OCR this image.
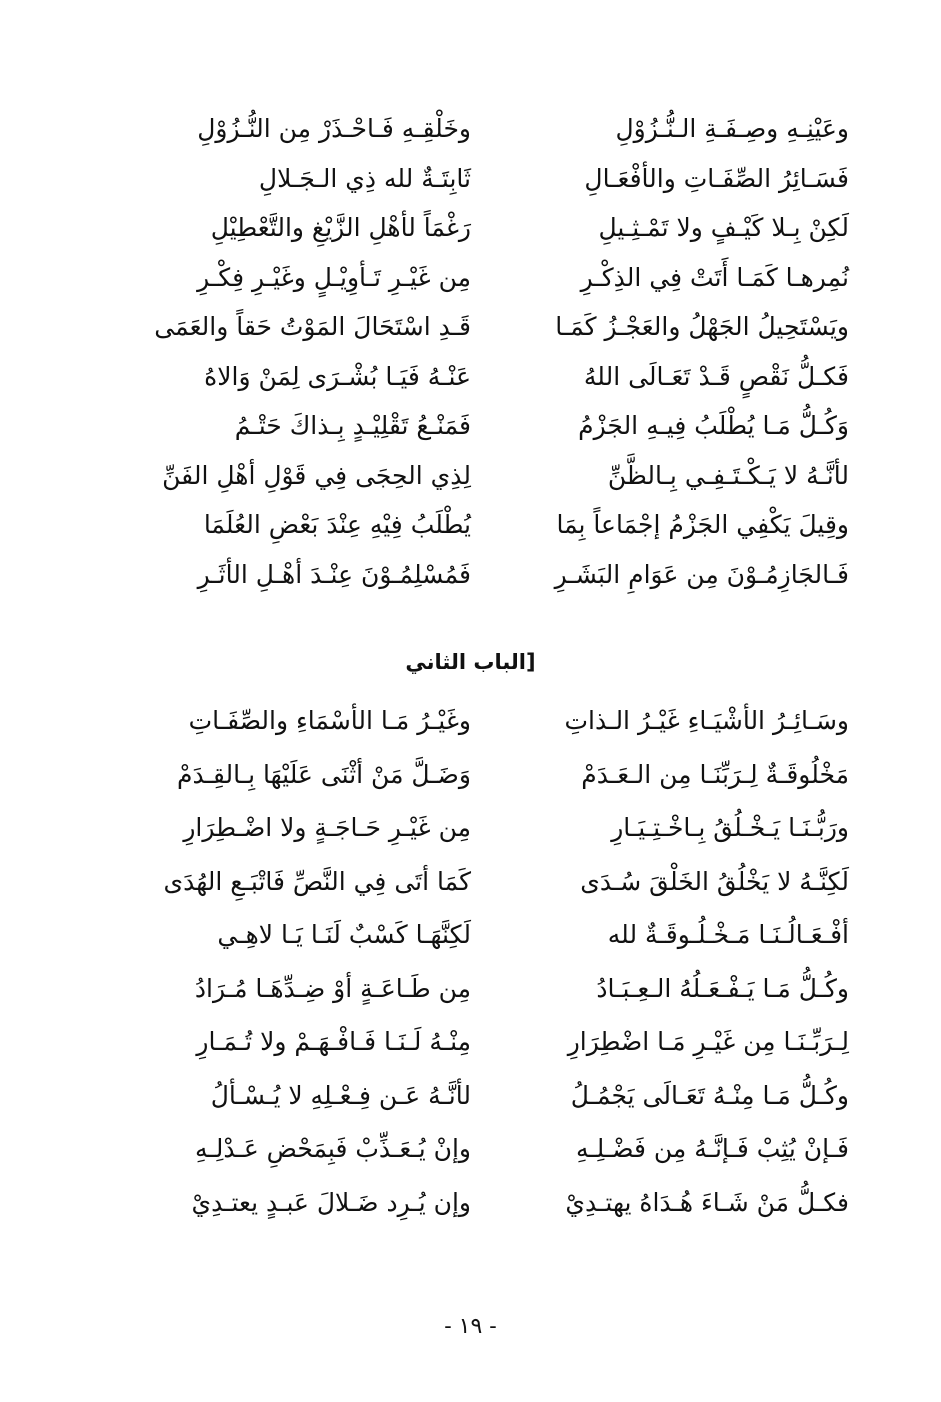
وعَيْنِـهِ وصِـفَـةِ الـنُّـزُوْلِ
وخَلْقِـهِ فَـاحْـذَرْ مِن النُّـزُوْلِ
فَسَـائِرُ الصِّفَـاتِ والأفْعَـالِ
ثَابِتَـةٌ لله ذِي الـجَـلالِ
لَكِنْ بِـلا كَيْـفٍ ولا تَمْـثِـيلِ
رَغْمَاً لأهْلِ الزَّيْغِ والتَّعْطِيْلِ
نُمِرهـا كَمَـا أَتَتْ فِي الذِكْـرِ
مِن غَيْـرِ تَـأوِيْـلٍ وغَيْـرِ فِكْـرِ
ويَسْتَحِيلُ الجَهْلُ والعَجْـزُ كَمَـا
قَـدِ اسْتَحَالَ المَوْتُ حَقاً والعَمَى
فَكـلُّ نَقْصٍ قَـدْ تَعَـالَى اللهُ
عَنْـهُ فَيَـا بُشْـرَى لِمَنْ وَالاهُ
وَكُـلُّ مَـا يُطْلَبُ فِيـهِ الجَزْمُ
فَمَنْـعُ تَقْلِيْـدٍ بِـذاكَ حَتْـمُ
لأنَّـهُ لا يَـكْـتَـفِـي بِـالظَّنِّ
لِذِي الحِجَى فِي قَوْلِ أهْلِ الفَنِّ
وقِيلَ يَكْفِي الجَزْمُ إجْمَاعاً بِمَا
يُطْلَبُ فِيْهِ عِنْدَ بَعْضِ العُلَمَا
فَـالجَازِمُـوْنَ مِن عَوَامِ البَشَـرِ
فَمُسْلِمُـوْنَ عِنْـدَ أهْـلِ الأثَـرِ
[الباب الثاني
وسَـائِـرُ الأشْيَـاءِ غَيْـرُ الـذاتِ
وغَيْـرُ مَـا الأسْمَاءِ والصِّفَـاتِ
مَخْلُوقَـةٌ لِـرَبِّنَـا مِن الـعَـدَمْ
وَضَـلَّ مَنْ أثْنَى عَلَيْهَا بِـالقِـدَمْ
ورَبُّـنَـا يَـخْـلُقُ بِـاخْـتِـيَـارِ
مِن غَيْـرِ حَـاجَـةٍ ولا اضْـطِرَارِ
لَكِنَّـهُ لا يَخْلُقُ الخَلْقَ سُـدَى
كَمَا أتَى فِي النَّصِّ فَاتْبَـعِ الهُدَى
أفْـعَـالُـنَـا مَـخْـلُـوقَـةٌ لله
لَكِنَّهَـا كَسْبٌ لَنَـا يَـا لاهِـي
وكُـلُّ مَـا يَـفْـعَـلُهُ الـعِـبَـادُ
مِن طَـاعَـةٍ أوْ ضِـدِّهَـا مُـرَادُ
لِـرَبِّـنَـا مِن غَيْـرِ مَـا اضْطِرَارِ
مِنْـهُ لَـنَـا فَـافْـهَـمْ ولا تُـمَـارِ
وكُـلُّ مَـا مِنْـهُ تَعَـالَى يَجْمُـلُ
لأنَّـهُ عَـن فِـعْـلِهِ لا يُـسْـألُ
فَـإنْ يُثِبْ فَـإنَّـهُ مِن فَضْـلِـهِ
وإنْ يُـعَـذِّبْ فَبِمَحْضِ عَـدْلِـهِ
فكـلُّ مَنْ شَـاءَ هُـدَاهُ يهتـدِيْ
وإن يُـرِد ضَـلالَ عَبـدٍ يعتـدِيْ
- ١٩ -
